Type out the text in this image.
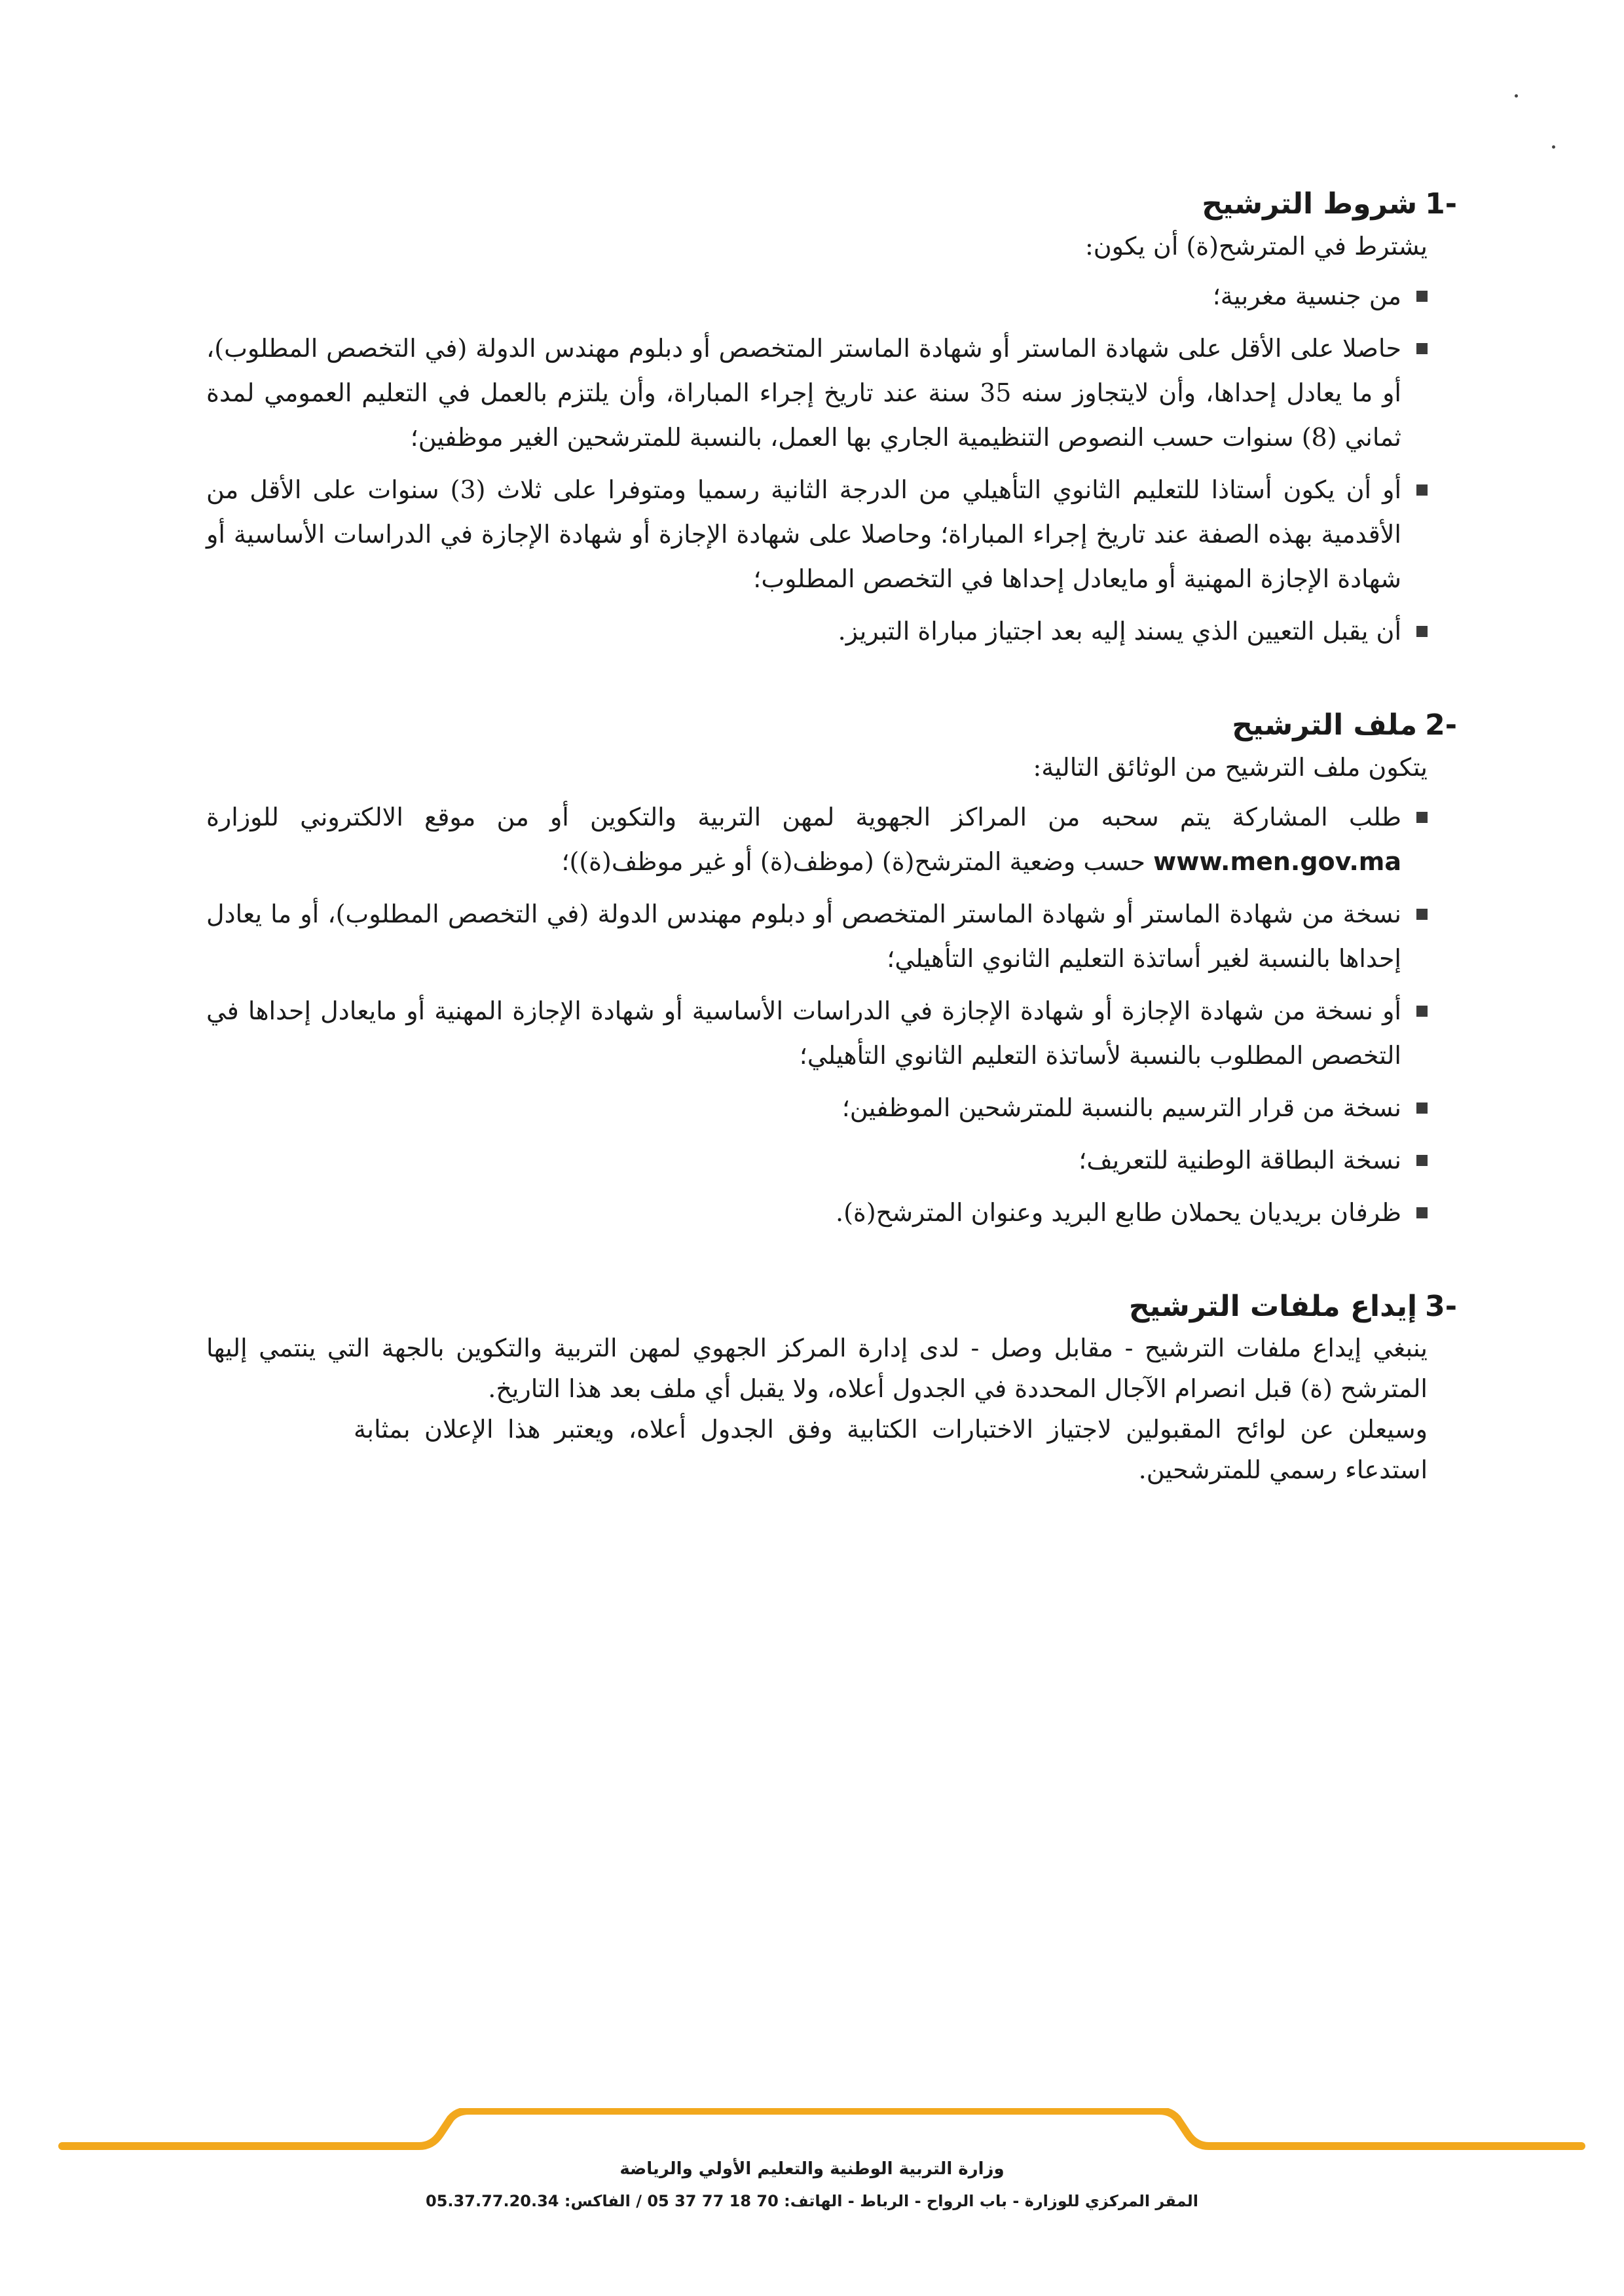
-1شروط الترشيح

يشترط في المترشح(ة) أن يكون:

من جنسية مغربية؛
حاصلا على الأقل على شهادة الماستر أو شهادة الماستر المتخصص أو دبلوم مهندس الدولة (في التخصص المطلوب)، أو ما يعادل إحداها، وأن لايتجاوز سنه 35 سنة عند تاريخ إجراء المباراة، وأن يلتزم بالعمل في التعليم العمومي لمدة ثماني (8) سنوات حسب النصوص التنظيمية الجاري بها العمل، بالنسبة للمترشحين الغير موظفين؛
أو أن يكون أستاذا للتعليم الثانوي التأهيلي من الدرجة الثانية رسميا ومتوفرا على ثلاث (3) سنوات على الأقل من الأقدمية بهذه الصفة عند تاريخ إجراء المباراة؛ وحاصلا على شهادة الإجازة أو شهادة الإجازة في الدراسات الأساسية أو شهادة الإجازة المهنية أو مايعادل إحداها في التخصص المطلوب؛
أن يقبل التعيين الذي يسند إليه بعد اجتياز مباراة التبريز.
-2ملف الترشيح

يتكون ملف الترشيح من الوثائق التالية:

طلب المشاركة يتم سحبه من المراكز الجهوية لمهن التربية والتكوين أو من موقع الالكتروني للوزارة www.men.gov.ma حسب وضعية المترشح(ة) (موظف(ة) أو غير موظف(ة))؛
نسخة من شهادة الماستر أو شهادة الماستر المتخصص أو دبلوم مهندس الدولة (في التخصص المطلوب)، أو ما يعادل إحداها بالنسبة لغير أساتذة التعليم الثانوي التأهيلي؛
أو نسخة من شهادة الإجازة أو شهادة الإجازة في الدراسات الأساسية أو شهادة الإجازة المهنية أو مايعادل إحداها في التخصص المطلوب بالنسبة لأساتذة التعليم الثانوي التأهيلي؛
نسخة من قرار الترسيم بالنسبة للمترشحين الموظفين؛
نسخة البطاقة الوطنية للتعريف؛
ظرفان بريديان يحملان طابع البريد وعنوان المترشح(ة).
-3إيداع ملفات الترشيح

ينبغي إيداع ملفات الترشيح - مقابل وصل - لدى إدارة المركز الجهوي لمهن التربية والتكوين بالجهة التي ينتمي إليها المترشح (ة) قبل انصرام الآجال المحددة في الجدول أعلاه، ولا يقبل أي ملف بعد هذا التاريخ.

وسيعلن عن لوائح المقبولين لاجتياز الاختبارات الكتابية وفق الجدول أعلاه، ويعتبر هذا الإعلان بمثابة استدعاء رسمي للمترشحين.

وزارة التربية الوطنية والتعليم الأولي والرياضة
المقر المركزي للوزارة - باب الرواح - الرباط - الهاتف: 70 18 77 37 05 / الفاكس: 05.37.77.20.34
